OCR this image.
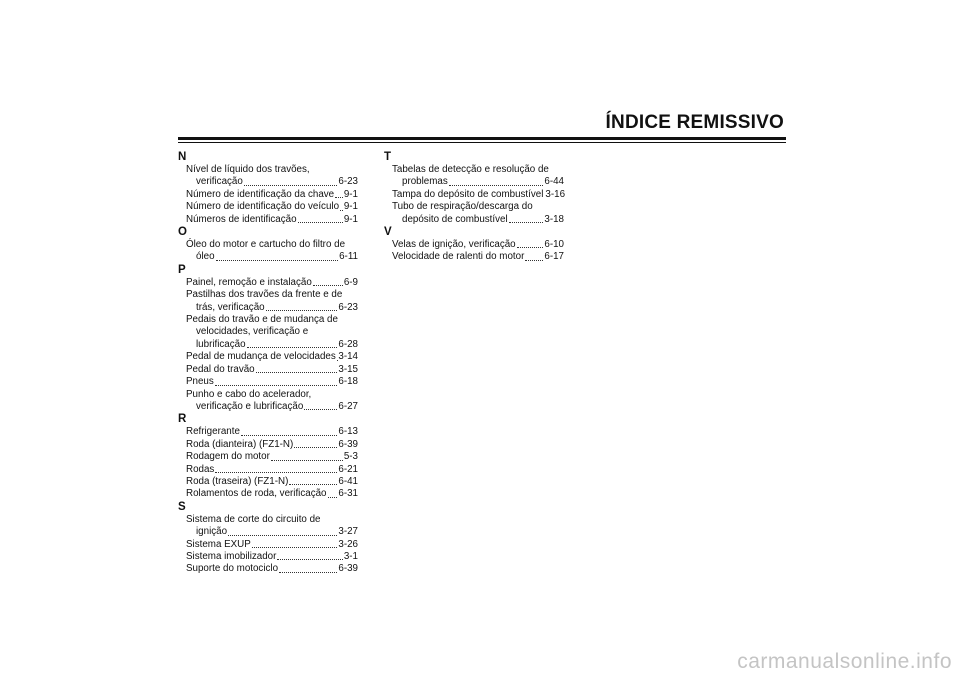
ÍNDICE REMISSIVO
N
Nível de líquido dos travões,
verificação	6-23
Número de identificação da chave 9-1
Número de identificação do veículo 9-1
Números de identificação	9-1
O
Óleo do motor e cartucho do filtro de
óleo	6-11
P
Painel, remoção e instalação	6-9
Pastilhas dos travões da frente e de
trás, verificação	6-23
Pedais do travão e de mudança de
velocidades, verificação e
lubrificação	6-28
Pedal de mudança de velocidades 3-14
Pedal do travão	3-15
Pneus	6-18
Punho e cabo do acelerador,
verificação e lubrificação	6-27
R
Refrigerante	6-13
Roda (dianteira) (FZ1-N)	6-39
Rodagem do motor	5-3
Rodas	6-21
Roda (traseira) (FZ1-N)	6-41
Rolamentos de roda, verificação 6-31
S
Sistema de corte do circuito de
ignição	3-27
Sistema EXUP	3-26
Sistema imobilizador	3-1
Suporte do motociclo	6-39
T
Tabelas de detecção e resolução de
problemas	6-44
Tampa do depósito de combustível 3-16
Tubo de respiração/descarga do
depósito de combustível	3-18
V
Velas de ignição, verificação	6-10
Velocidade de ralenti do motor 6-17

carmanualsonline.info
